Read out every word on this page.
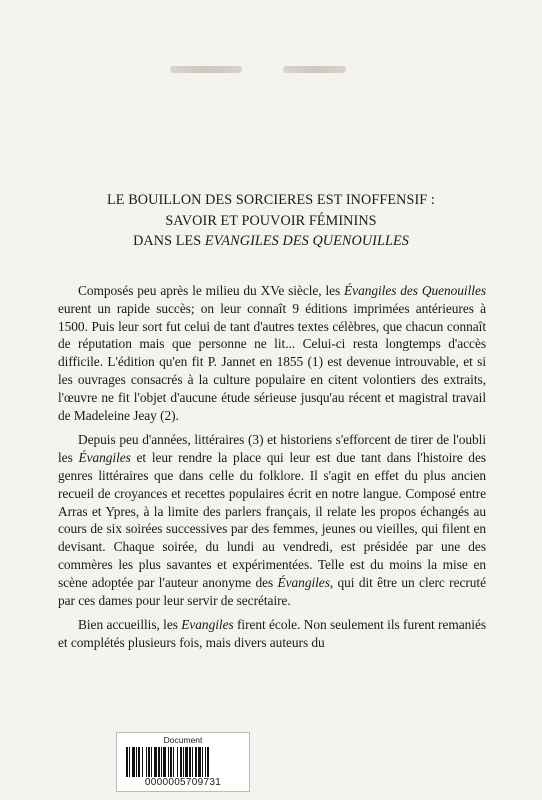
LE BOUILLON DES SORCIERES EST INOFFENSIF :
SAVOIR ET POUVOIR FÉMININS
DANS LES EVANGILES DES QUENOUILLES

Composés peu après le milieu du XVe siècle, les Évangiles des Quenouilles eurent un rapide succès; on leur connaît 9 éditions imprimées antérieures à 1500. Puis leur sort fut celui de tant d'autres textes célèbres, que chacun connaît de réputation mais que personne ne lit... Celui-ci resta longtemps d'accès difficile. L'édition qu'en fit P. Jannet en 1855 (1) est devenue introuvable, et si les ouvrages consacrés à la culture populaire en citent volontiers des extraits, l'œuvre ne fit l'objet d'aucune étude sérieuse jusqu'au récent et magistral travail de Madeleine Jeay (2).

Depuis peu d'années, littéraires (3) et historiens s'efforcent de tirer de l'oubli les Évangiles et leur rendre la place qui leur est due tant dans l'histoire des genres littéraires que dans celle du folklore. Il s'agit en effet du plus ancien recueil de croyances et recettes populaires écrit en notre langue. Composé entre Arras et Ypres, à la limite des parlers français, il relate les propos échangés au cours de six soirées successives par des femmes, jeunes ou vieilles, qui filent en devisant. Chaque soirée, du lundi au vendredi, est présidée par une des commères les plus savantes et expérimentées. Telle est du moins la mise en scène adoptée par l'auteur anonyme des Évangiles, qui dit être un clerc recruté par ces dames pour leur servir de secrétaire.

Bien accueillis, les Evangiles firent école. Non seulement ils furent remaniés et complétés plusieurs fois, mais divers auteurs du

Document
0000005709731
